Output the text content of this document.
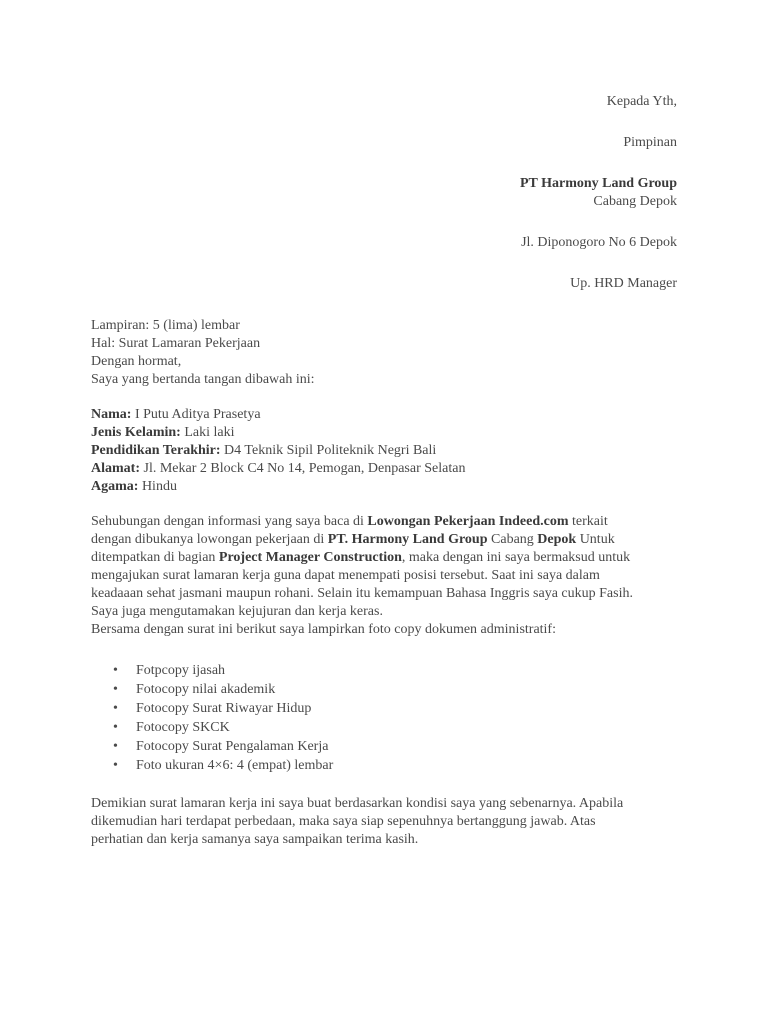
Kepada Yth,
Pimpinan
PT Harmony Land Group
Cabang Depok
Jl. Diponogoro No 6 Depok
Up. HRD Manager
Lampiran: 5 (lima) lembar
Hal: Surat Lamaran Pekerjaan
Dengan hormat,
Saya yang bertanda tangan dibawah ini:
Nama: I Putu Aditya Prasetya
Jenis Kelamin: Laki laki
Pendidikan Terakhir: D4 Teknik Sipil Politeknik Negri Bali
Alamat: Jl. Mekar 2 Block C4 No 14, Pemogan, Denpasar Selatan
Agama: Hindu
Sehubungan dengan informasi yang saya baca di Lowongan Pekerjaan Indeed.com terkait
dengan dibukanya lowongan pekerjaan di PT. Harmony Land Group Cabang Depok Untuk
ditempatkan di bagian Project Manager Construction, maka dengan ini saya bermaksud untuk
mengajukan surat lamaran kerja guna dapat menempati posisi tersebut. Saat ini saya dalam
keadaaan sehat jasmani maupun rohani. Selain itu kemampuan Bahasa Inggris saya cukup Fasih.
Saya juga mengutamakan kejujuran dan kerja keras.
Bersama dengan surat ini berikut saya lampirkan foto copy dokumen administratif:
• Fotpcopy ijasah
• Fotocopy nilai akademik
• Fotocopy Surat Riwayar Hidup
• Fotocopy SKCK
• Fotocopy Surat Pengalaman Kerja
• Foto ukuran 4×6: 4 (empat) lembar
Demikian surat lamaran kerja ini saya buat berdasarkan kondisi saya yang sebenarnya. Apabila
dikemudian hari terdapat perbedaan, maka saya siap sepenuhnya bertanggung jawab. Atas
perhatian dan kerja samanya saya sampaikan terima kasih.
